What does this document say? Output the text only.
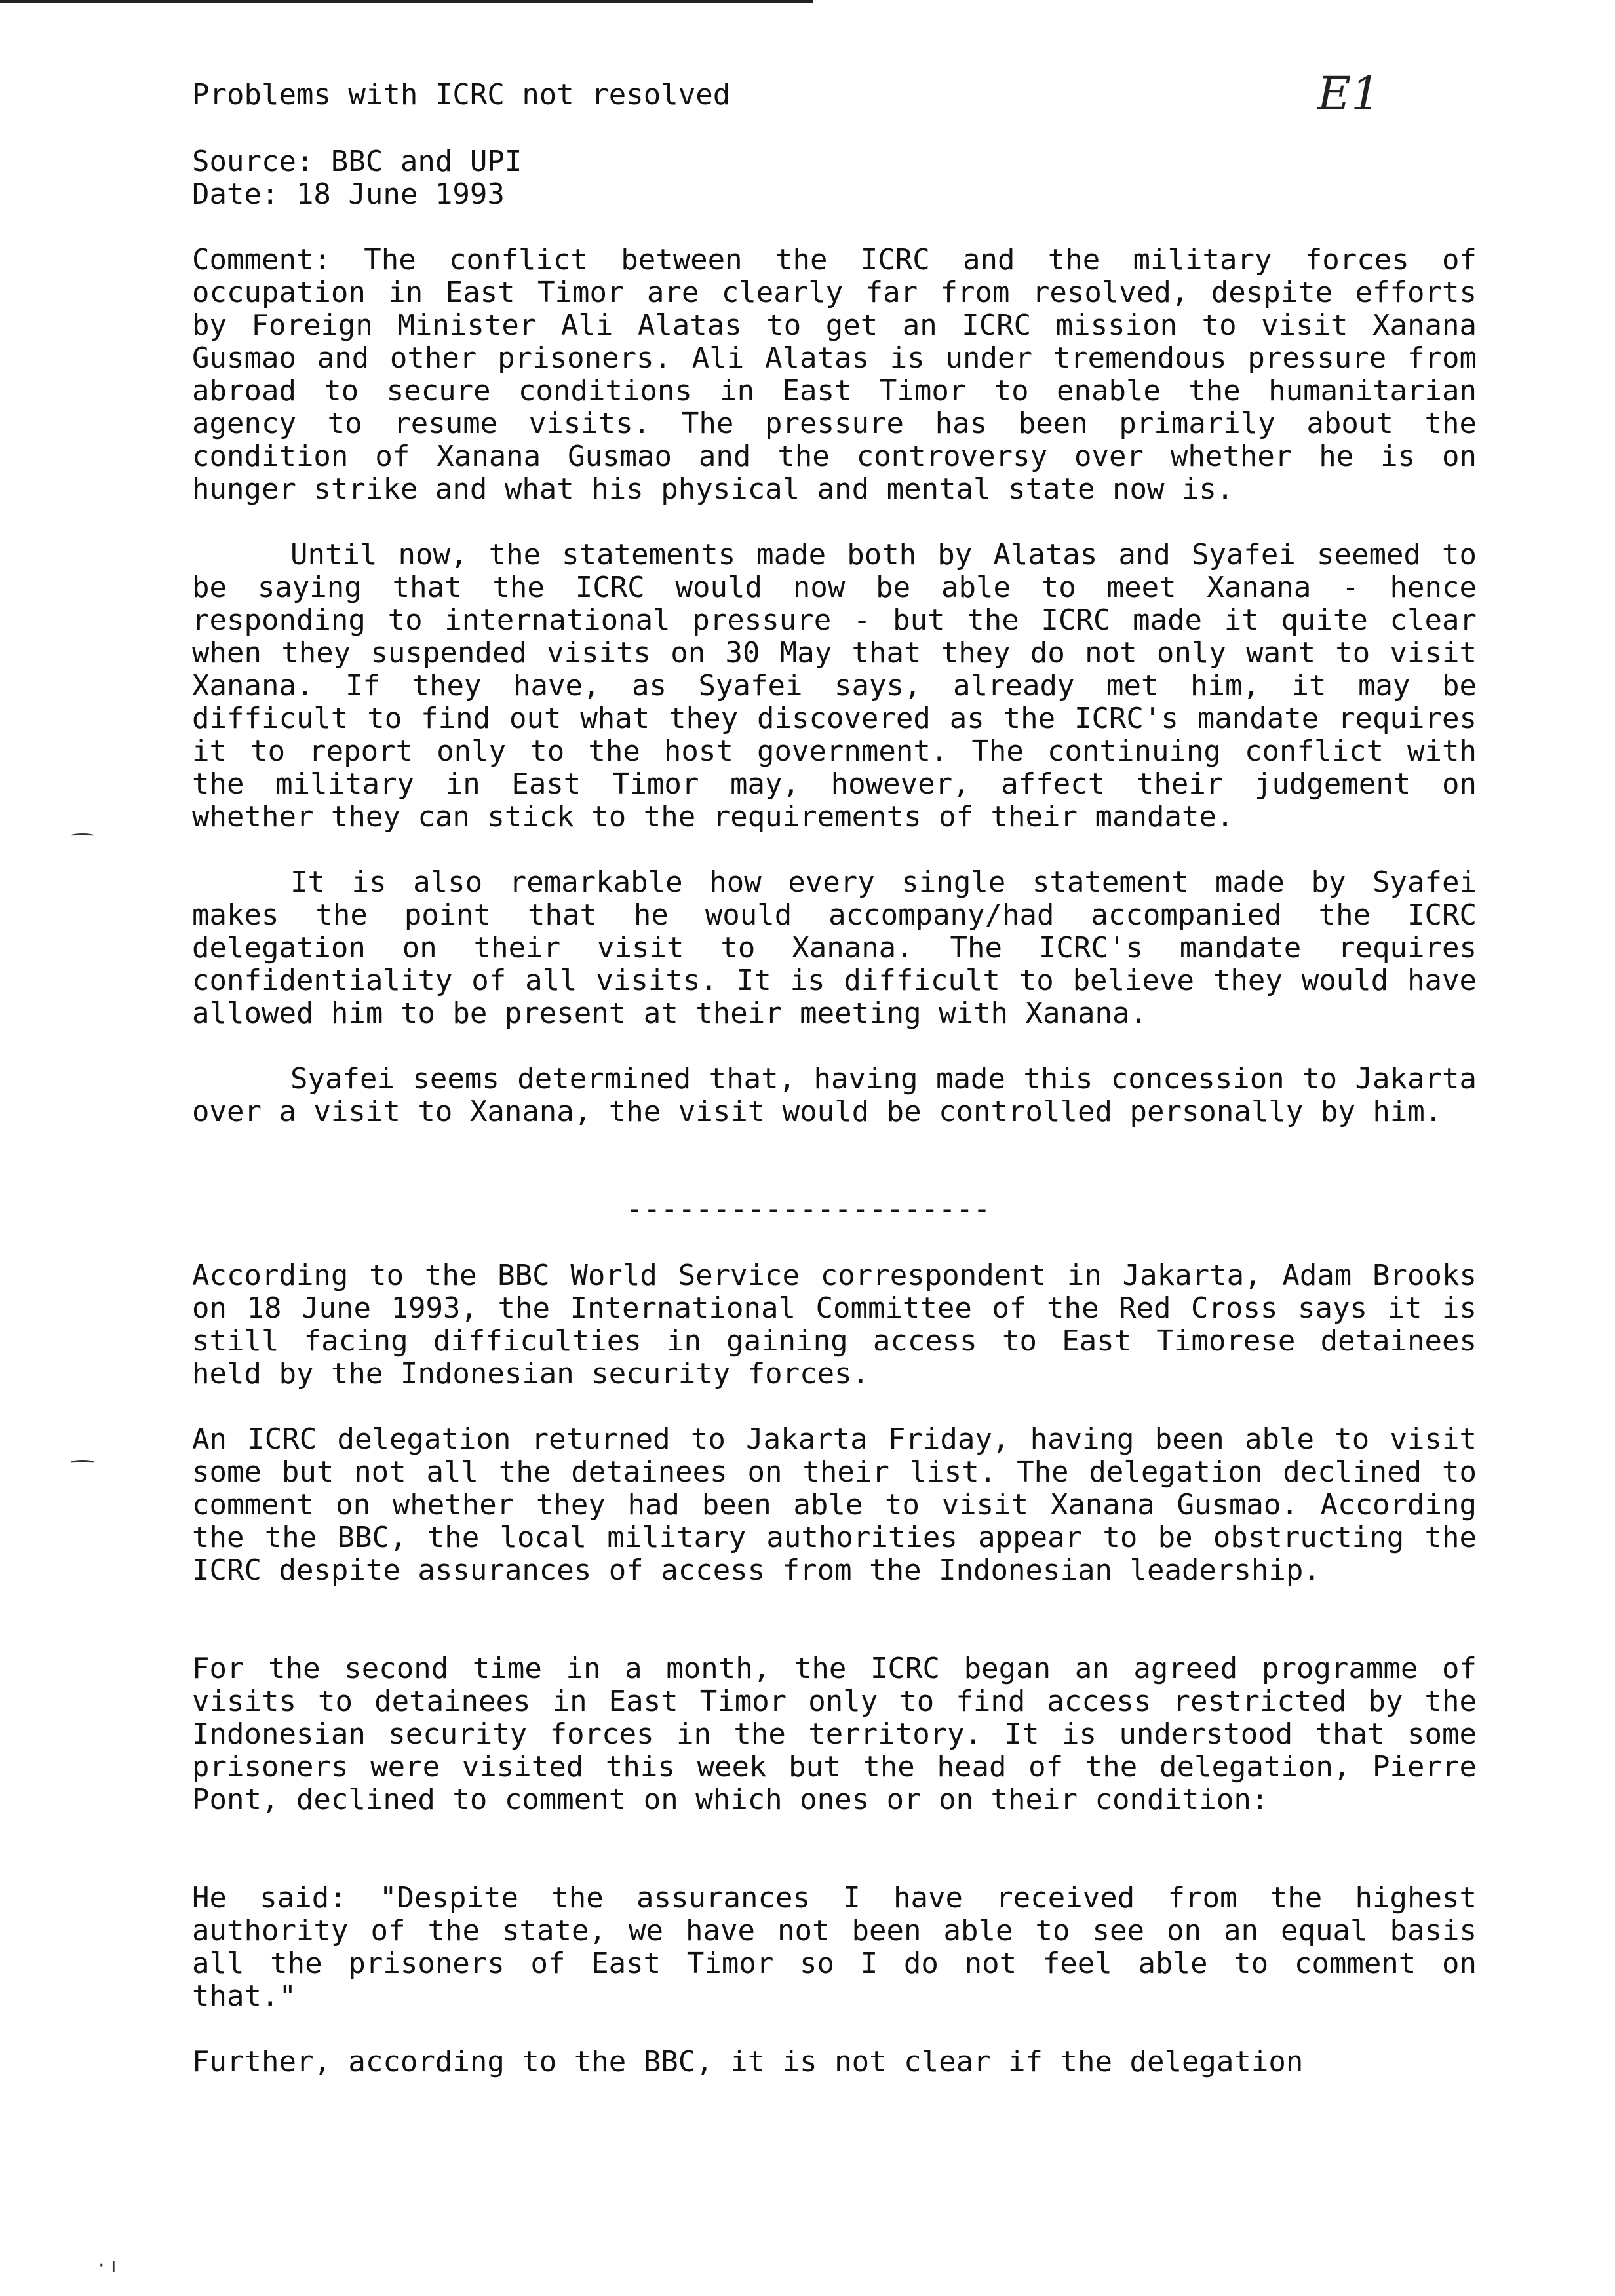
Problems with ICRC not resolved	E1
Source: BBC and UPI
Date: 18 June 1993
Comment: The conflict between the ICRC and the military forces of occupation in East Timor are clearly far from resolved, despite efforts by Foreign Minister Ali Alatas to get an ICRC mission to visit Xanana Gusmao and other prisoners. Ali Alatas is under tremendous pressure from abroad to secure conditions in East Timor to enable the humanitarian agency to resume visits. The pressure has been primarily about the condition of Xanana Gusmao and the controversy over whether he is on hunger strike and what his physical and mental state now is.
Until now, the statements made both by Alatas and Syafei seemed to be saying that the ICRC would now be able to meet Xanana - hence responding to international pressure - but the ICRC made it quite clear when they suspended visits on 30 May that they do not only want to visit Xanana. If they have, as Syafei says, already met him, it may be difficult to find out what they discovered as the ICRC's mandate requires it to report only to the host government. The continuing conflict with the military in East Timor may, however, affect their judgement on whether they can stick to the requirements of their mandate.
It is also remarkable how every single statement made by Syafei makes the point that he would accompany/had accompanied the ICRC delegation on their visit to Xanana. The ICRC's mandate requires confidentiality of all visits. It is difficult to believe they would have allowed him to be present at their meeting with Xanana.
Syafei seems determined that, having made this concession to Jakarta over a visit to Xanana, the visit would be controlled personally by him.
---------------------
According to the BBC World Service correspondent in Jakarta, Adam Brooks on 18 June 1993, the International Committee of the Red Cross says it is still facing difficulties in gaining access to East Timorese detainees held by the Indonesian security forces.
An ICRC delegation returned to Jakarta Friday, having been able to visit some but not all the detainees on their list. The delegation declined to comment on whether they had been able to visit Xanana Gusmao. According the the BBC, the local military authorities appear to be obstructing the ICRC despite assurances of access from the Indonesian leadership.
For the second time in a month, the ICRC began an agreed programme of visits to detainees in East Timor only to find access restricted by the Indonesian security forces in the territory. It is understood that some prisoners were visited this week but the head of the delegation, Pierre Pont, declined to comment on which ones or on their condition:
He said: "Despite the assurances I have received from the highest authority of the state, we have not been able to see on an equal basis all the prisoners of East Timor so I do not feel able to comment on that."
Further, according to the BBC, it is not clear if the delegation
· ı
